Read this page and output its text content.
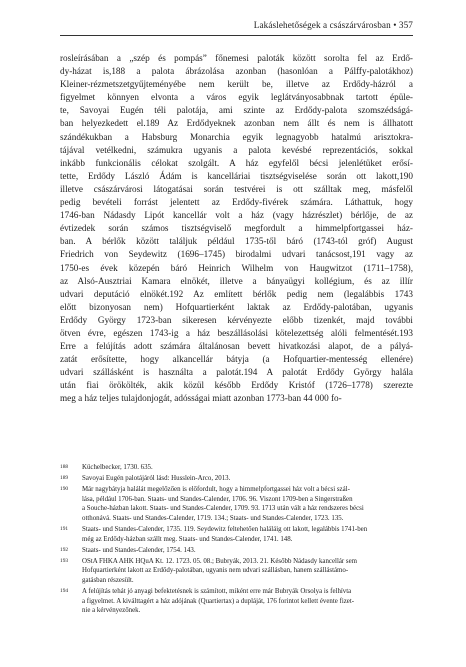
Lakáslehetőségek a császárvárosban • 357
rosleírásában a „szép és pompás” főnemesi paloták között sorolta fel az Erdő-
dy-házat is,188 a palota ábrázolása azonban (hasonlóan a Pálffy-palotákhoz)
Kleiner-rézmetszetgyűjteményébe nem került be, illetve az Erdődy-házról a
figyelmet könnyen elvonta a város egyik leglátványosabbnak tartott épüle-
te, Savoyai Eugén téli palotája, ami szinte az Erdődy-palota szomszédságá-
ban helyezkedett el.189 Az Erdődyeknek azonban nem állt és nem is állhatott
szándékukban a Habsburg Monarchia egyik legnagyobb hatalmú arisztokra-
tájával vetélkedni, számukra ugyanis a palota kevésbé reprezentációs, sokkal
inkább funkcionális célokat szolgált. A ház egyfelől bécsi jelenlétüket erősí-
tette, Erdődy László Ádám is kancelláriai tisztségviselése során ott lakott,190
illetve császárvárosi látogatásai során testvérei is ott szálltak meg, másfelől
pedig bevételi forrást jelentett az Erdődy-fivérek számára. Láthattuk, hogy
1746-ban Nádasdy Lipót kancellár volt a ház (vagy házrészlet) bérlője, de az
évtizedek során számos tisztségviselő megfordult a himmelpfortgassei ház-
ban. A bérlők között találjuk például 1735-től báró (1743-tól gróf) August
Friedrich von Seydewitz (1696–1745) birodalmi udvari tanácsost,191 vagy az
1750-es évek közepén báró Heinrich Wilhelm von Haugwitzot (1711–1758),
az Alsó-Ausztriai Kamara elnökét, illetve a bányaügyi kollégium, és az illír
udvari deputáció elnökét.192 Az említett bérlők pedig nem (legalábbis 1743
előtt bizonyosan nem) Hofquartierként laktak az Erdődy-palotában, ugyanis
Erdődy György 1723-ban sikeresen kérvényezte előbb tizenkét, majd további
ötven évre, egészen 1743-ig a ház beszállásolási kötelezettség alóli felmentését.193
Erre a felújítás adott számára általánosan bevett hivatkozási alapot, de a pályá-
zatát erősítette, hogy alkancellár bátyja (a Hofquartier-mentesség ellenére)
udvari szállásként is használta a palotát.194 A palotát Erdődy György halála
után fiai örökölték, akik közül később Erdődy Kristóf (1726–1778) szerezte
meg a ház teljes tulajdonjogát, adósságai miatt azonban 1773-ban 44 000 fo-
188 Küchelbecker, 1730. 635.
189 Savoyai Eugén palotájáról lásd: Husslein-Arco, 2013.
190 Már nagybátyja halálát megelőzően is előfordult, hogy a himmelpfortgassei ház volt a bécsi szál-
lása, például 1706-ban. Staats- und Standes-Calender, 1706. 96. Viszont 1709-ben a Singerstraßen
a Souche-házban lakott. Staats- und Standes-Calender, 1709. 93. 1713 után vált a ház rendszeres bécsi
otthonává. Staats- und Standes-Calender, 1719. 134.; Staats- und Standes-Calender, 1723. 135.
191 Staats- und Standes-Calender, 1735. 119. Seydewitz feltehetően haláláig ott lakott, legalábbis 1741-ben
még az Erdődy-házban szállt meg. Staats- und Standes-Calender, 1741. 148.
192 Staats- und Standes-Calender, 1754. 143.
193 OStA FHKA AHK HQuA Kt. 12. 1723. 05. 08.; Bubryák, 2013. 21. Később Nádasdy kancellár sem
Hofquartierként lakott az Erdődy-palotában, ugyanis nem udvari szállásban, hanem szállástámo-
gatásban részesült.
194 A felújítás tehát jó anyagi befektetésnek is számított, miként erre már Bubryák Orsolya is felhívta
a figyelmet. A kiválttagért a ház adójának (Quartiertax) a dupláját, 176 forintot kellett évente fizet-
nie a kérvényezőnek.
